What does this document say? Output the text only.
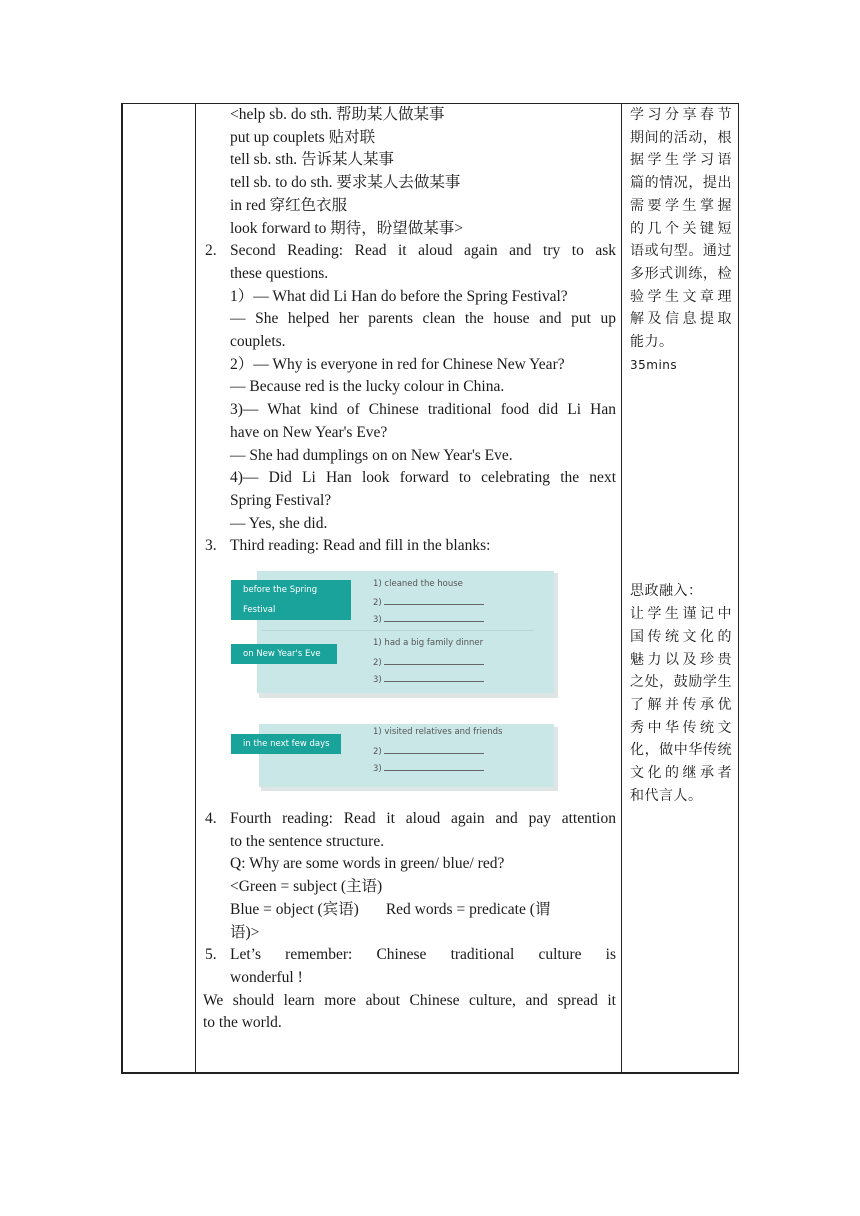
<help sb. do sth. 帮助某人做某事
put up couplets 贴对联
tell sb. sth. 告诉某人某事
tell sb. to do sth. 要求某人去做某事
in red 穿红色衣服
look forward to 期待，盼望做某事>
2. Second Reading: Read it aloud again and try to ask
these questions.
1）— What did Li Han do before the Spring Festival?
— She helped her parents clean the house and put up
couplets.
2）— Why is everyone in red for Chinese New Year?
— Because red is the lucky colour in China.
3)— What kind of Chinese traditional food did Li Han
have on New Year's Eve?
— She had dumplings on on New Year's Eve.
4)— Did Li Han look forward to celebrating the next
Spring Festival?
— Yes, she did.
3. Third reading: Read and fill in the blanks:
4. Fourth reading: Read it aloud again and pay attention
to the sentence structure.
Q: Why are some words in green/ blue/ red?
<Green = subject (主语)
Blue = object (宾语) Red words = predicate (谓
语)>
5. Let’s remember: Chinese traditional culture is
wonderful !
We should learn more about Chinese culture, and spread it
to the world.
before the Spring Festival
1) cleaned the house
2)
3)
on New Year's Eve
1) had a big family dinner
2)
3)
in the next few days
1) visited relatives and friends
2)
3)
学习分享春节
期间的活动，根
据学生学习语
篇的情况，提出
需要学生掌握
的几个关键短
语或句型。通过
多形式训练，检
验学生文章理
解及信息提取
能力。
35mins
思政融入：
让学生谨记中
国传统文化的
魅力以及珍贵
之处，鼓励学生
了解并传承优
秀中华传统文
化，做中华传统
文化的继承者
和代言人。
